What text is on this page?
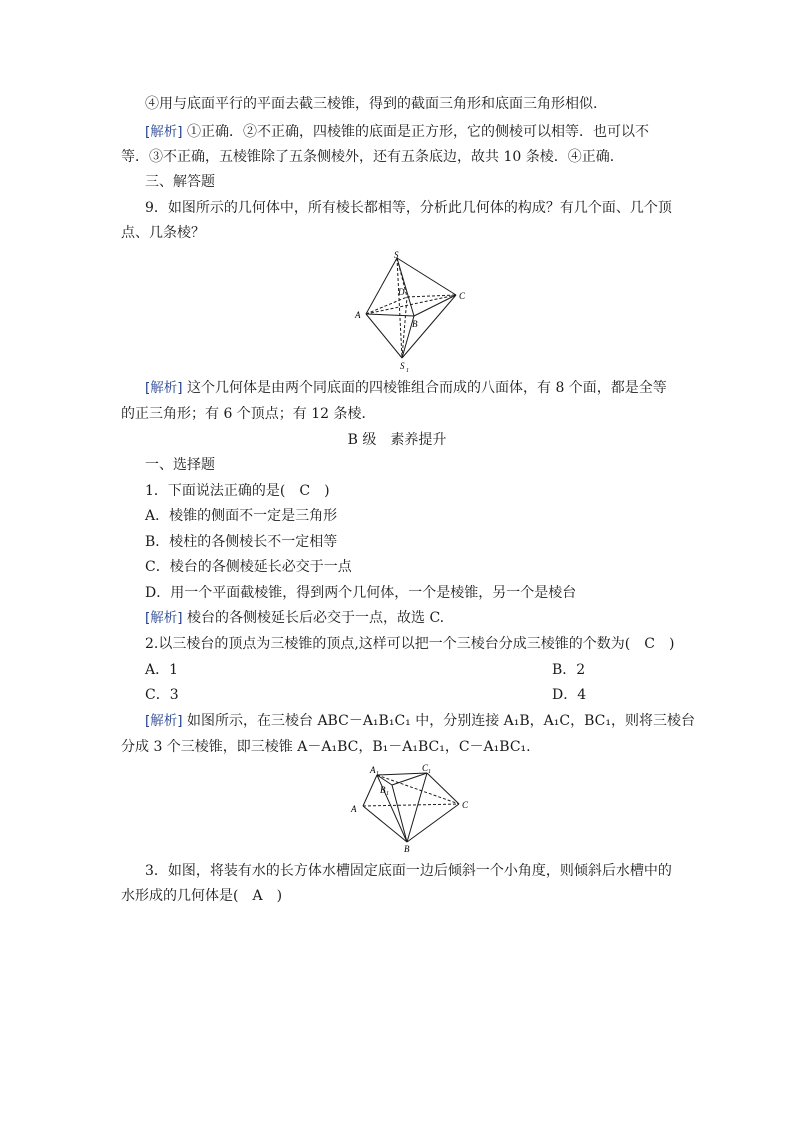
④用与底面平行的平面去截三棱锥，得到的截面三角形和底面三角形相似.
[解析] ①正确．②不正确，四棱锥的底面是正方形，它的侧棱可以相等．也可以不
等．③不正确，五棱锥除了五条侧棱外，还有五条底边，故共 10 条棱．④正确．
三、解答题
9．如图所示的几何体中，所有棱长都相等，分析此几何体的构成？有几个面、几个顶
点、几条棱？
S
D	C
A
B
S 1
[解析] 这个几何体是由两个同底面的四棱锥组合而成的八面体，有 8 个面，都是全等
的正三角形；有 6 个顶点；有 12 条棱．
B 级　素养提升
一、选择题
1．下面说法正确的是(　C　)
A．棱锥的侧面不一定是三角形
B．棱柱的各侧棱长不一定相等
C．棱台的各侧棱延长必交于一点
D．用一个平面截棱锥，得到两个几何体，一个是棱锥，另一个是棱台
[解析] 棱台的各侧棱延长后必交于一点，故选 C.
2.以三棱台的顶点为三棱锥的顶点,这样可以把一个三棱台分成三棱锥的个数为(　C　)
A．1	B．2
C．3	D．4
[解析] 如图所示，在三棱台 ABC－A₁B₁C₁ 中，分别连接 A₁B，A₁C，BC₁，则将三棱台
分成 3 个三棱锥，即三棱锥 A－A₁BC，B₁－A₁BC₁，C－A₁BC₁.
A 1
C 1
B 1
A	C
B
3．如图，将装有水的长方体水槽固定底面一边后倾斜一个小角度，则倾斜后水槽中的
水形成的几何体是(　A　)
